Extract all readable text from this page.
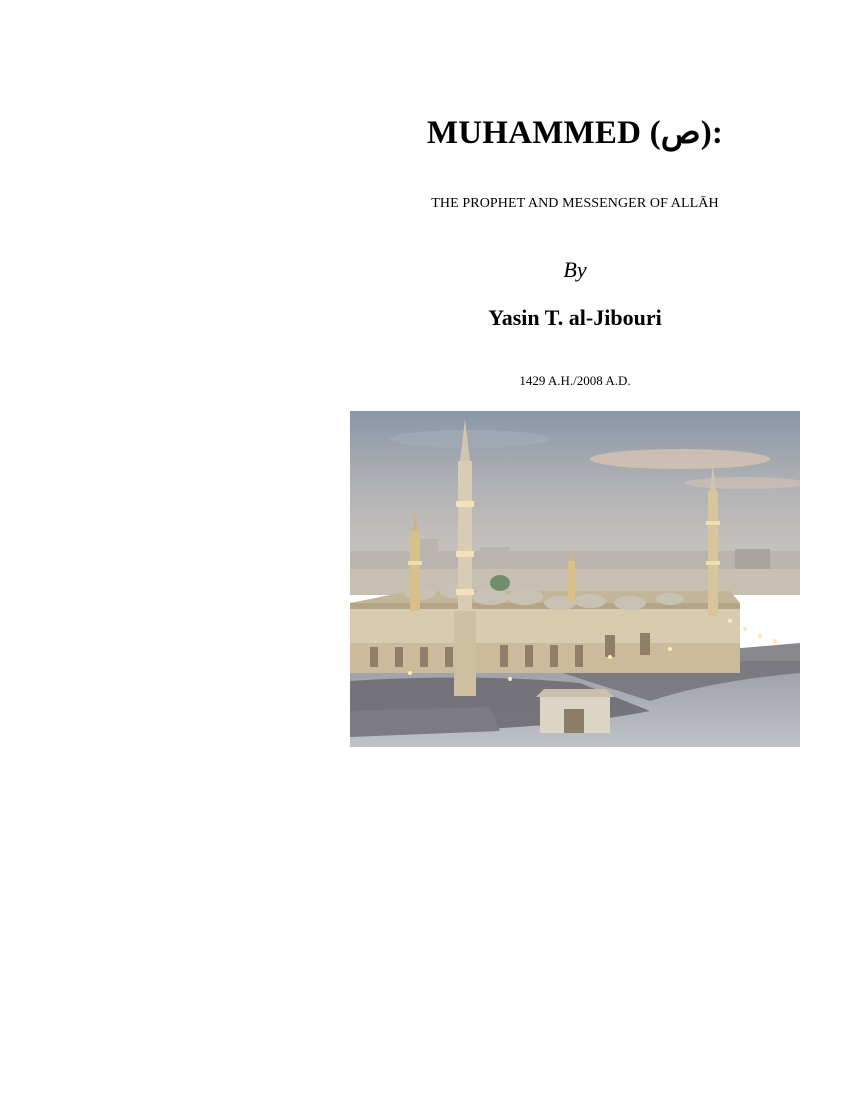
MUHAMMED (ص):
THE PROPHET AND MESSENGER OF ALLĀH
By
Yasin T. al-Jibouri
1429 A.H./2008 A.D.
